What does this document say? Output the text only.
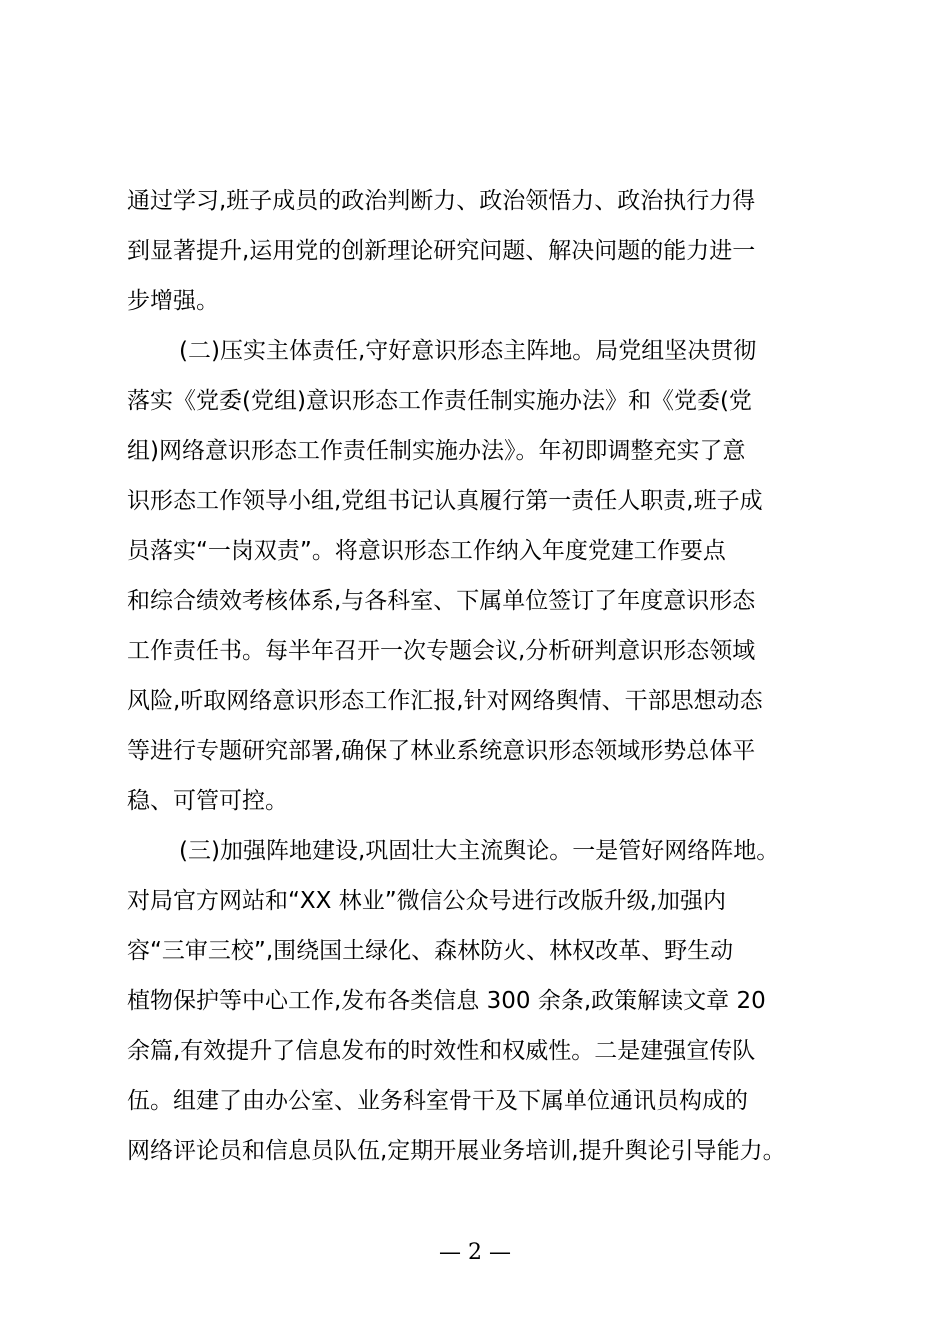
通过学习,班子成员的政治判断力、政治领悟力、政治执行力得
到显著提升,运用党的创新理论研究问题、解决问题的能力进一
步增强。
(二)压实主体责任,守好意识形态主阵地。局党组坚决贯彻
落实《党委(党组)意识形态工作责任制实施办法》和《党委(党
组)网络意识形态工作责任制实施办法》。年初即调整充实了意
识形态工作领导小组,党组书记认真履行第一责任人职责,班子成
员落实“一岗双责”。将意识形态工作纳入年度党建工作要点
和综合绩效考核体系,与各科室、下属单位签订了年度意识形态
工作责任书。每半年召开一次专题会议,分析研判意识形态领域
风险,听取网络意识形态工作汇报,针对网络舆情、干部思想动态
等进行专题研究部署,确保了林业系统意识形态领域形势总体平
稳、可管可控。
(三)加强阵地建设,巩固壮大主流舆论。一是管好网络阵地。
对局官方网站和“XX 林业”微信公众号进行改版升级,加强内
容“三审三校”,围绕国土绿化、森林防火、林权改革、野生动
植物保护等中心工作,发布各类信息 300 余条,政策解读文章 20
余篇,有效提升了信息发布的时效性和权威性。二是建强宣传队
伍。组建了由办公室、业务科室骨干及下属单位通讯员构成的
网络评论员和信息员队伍,定期开展业务培训,提升舆论引导能力。
— 2 —
